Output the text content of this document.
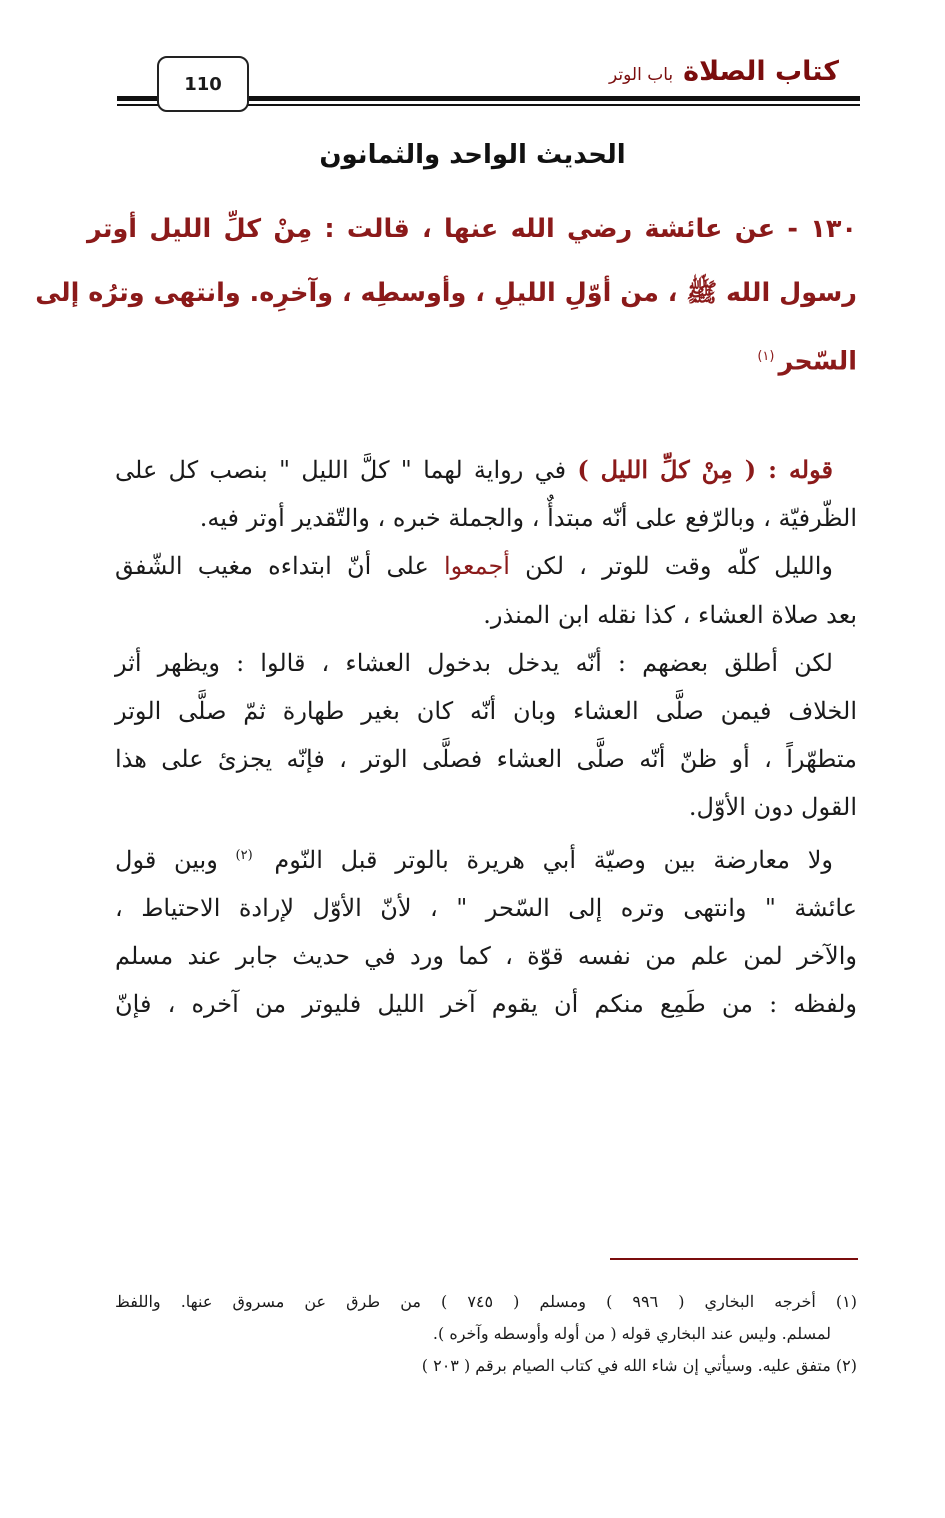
كتاب الصلاةباب الوتر
110
الحديث الواحد والثمانون
١٣٠ - عن عائشة رضي الله عنها ، قالت : مِنْ كلِّ الليل أوتر
رسول الله ﷺ ، من أوّلِ الليلِ ، وأوسطِه ، وآخرِه. وانتهى وترُه إلى
السّحر$^{(١)}$
قوله : ( مِنْ كلِّ الليل ) في رواية لهما " كلَّ الليل " بنصب كل على
الظّرفيّة ، وبالرّفع على أنّه مبتدأٌ ، والجملة خبره ، والتّقدير أوتر فيه.
والليل كلّه وقت للوتر ، لكن أجمعوا على أنّ ابتداءه مغيب الشّفق
بعد صلاة العشاء ، كذا نقله ابن المنذر.
لكن أطلق بعضهم : أنّه يدخل بدخول العشاء ، قالوا : ويظهر أثر
الخلاف فيمن صلَّى العشاء وبان أنّه كان بغير طهارة ثمّ صلَّى الوتر
متطهّراً ، أو ظنّ أنّه صلَّى العشاء فصلَّى الوتر ، فإنّه يجزئ على هذا
القول دون الأوّل.
ولا معارضة بين وصيّة أبي هريرة بالوتر قبل النّوم $^{(٢)}$ وبين قول
عائشة " وانتهى وتره إلى السّحر " ، لأنّ الأوّل لإرادة الاحتياط ،
والآخر لمن علم من نفسه قوّة ، كما ورد في حديث جابر عند مسلم
ولفظه : من طَمِع منكم أن يقوم آخر الليل فليوتر من آخره ، فإنّ
(١) أخرجه البخاري ( ٩٩٦ ) ومسلم ( ٧٤٥ ) من طرق عن مسروق عنها. واللفظ
لمسلم. وليس عند البخاري قوله ( من أوله وأوسطه وآخره ).
(٢) متفق عليه. وسيأتي إن شاء الله في كتاب الصيام برقم ( ٢٠٣ )
